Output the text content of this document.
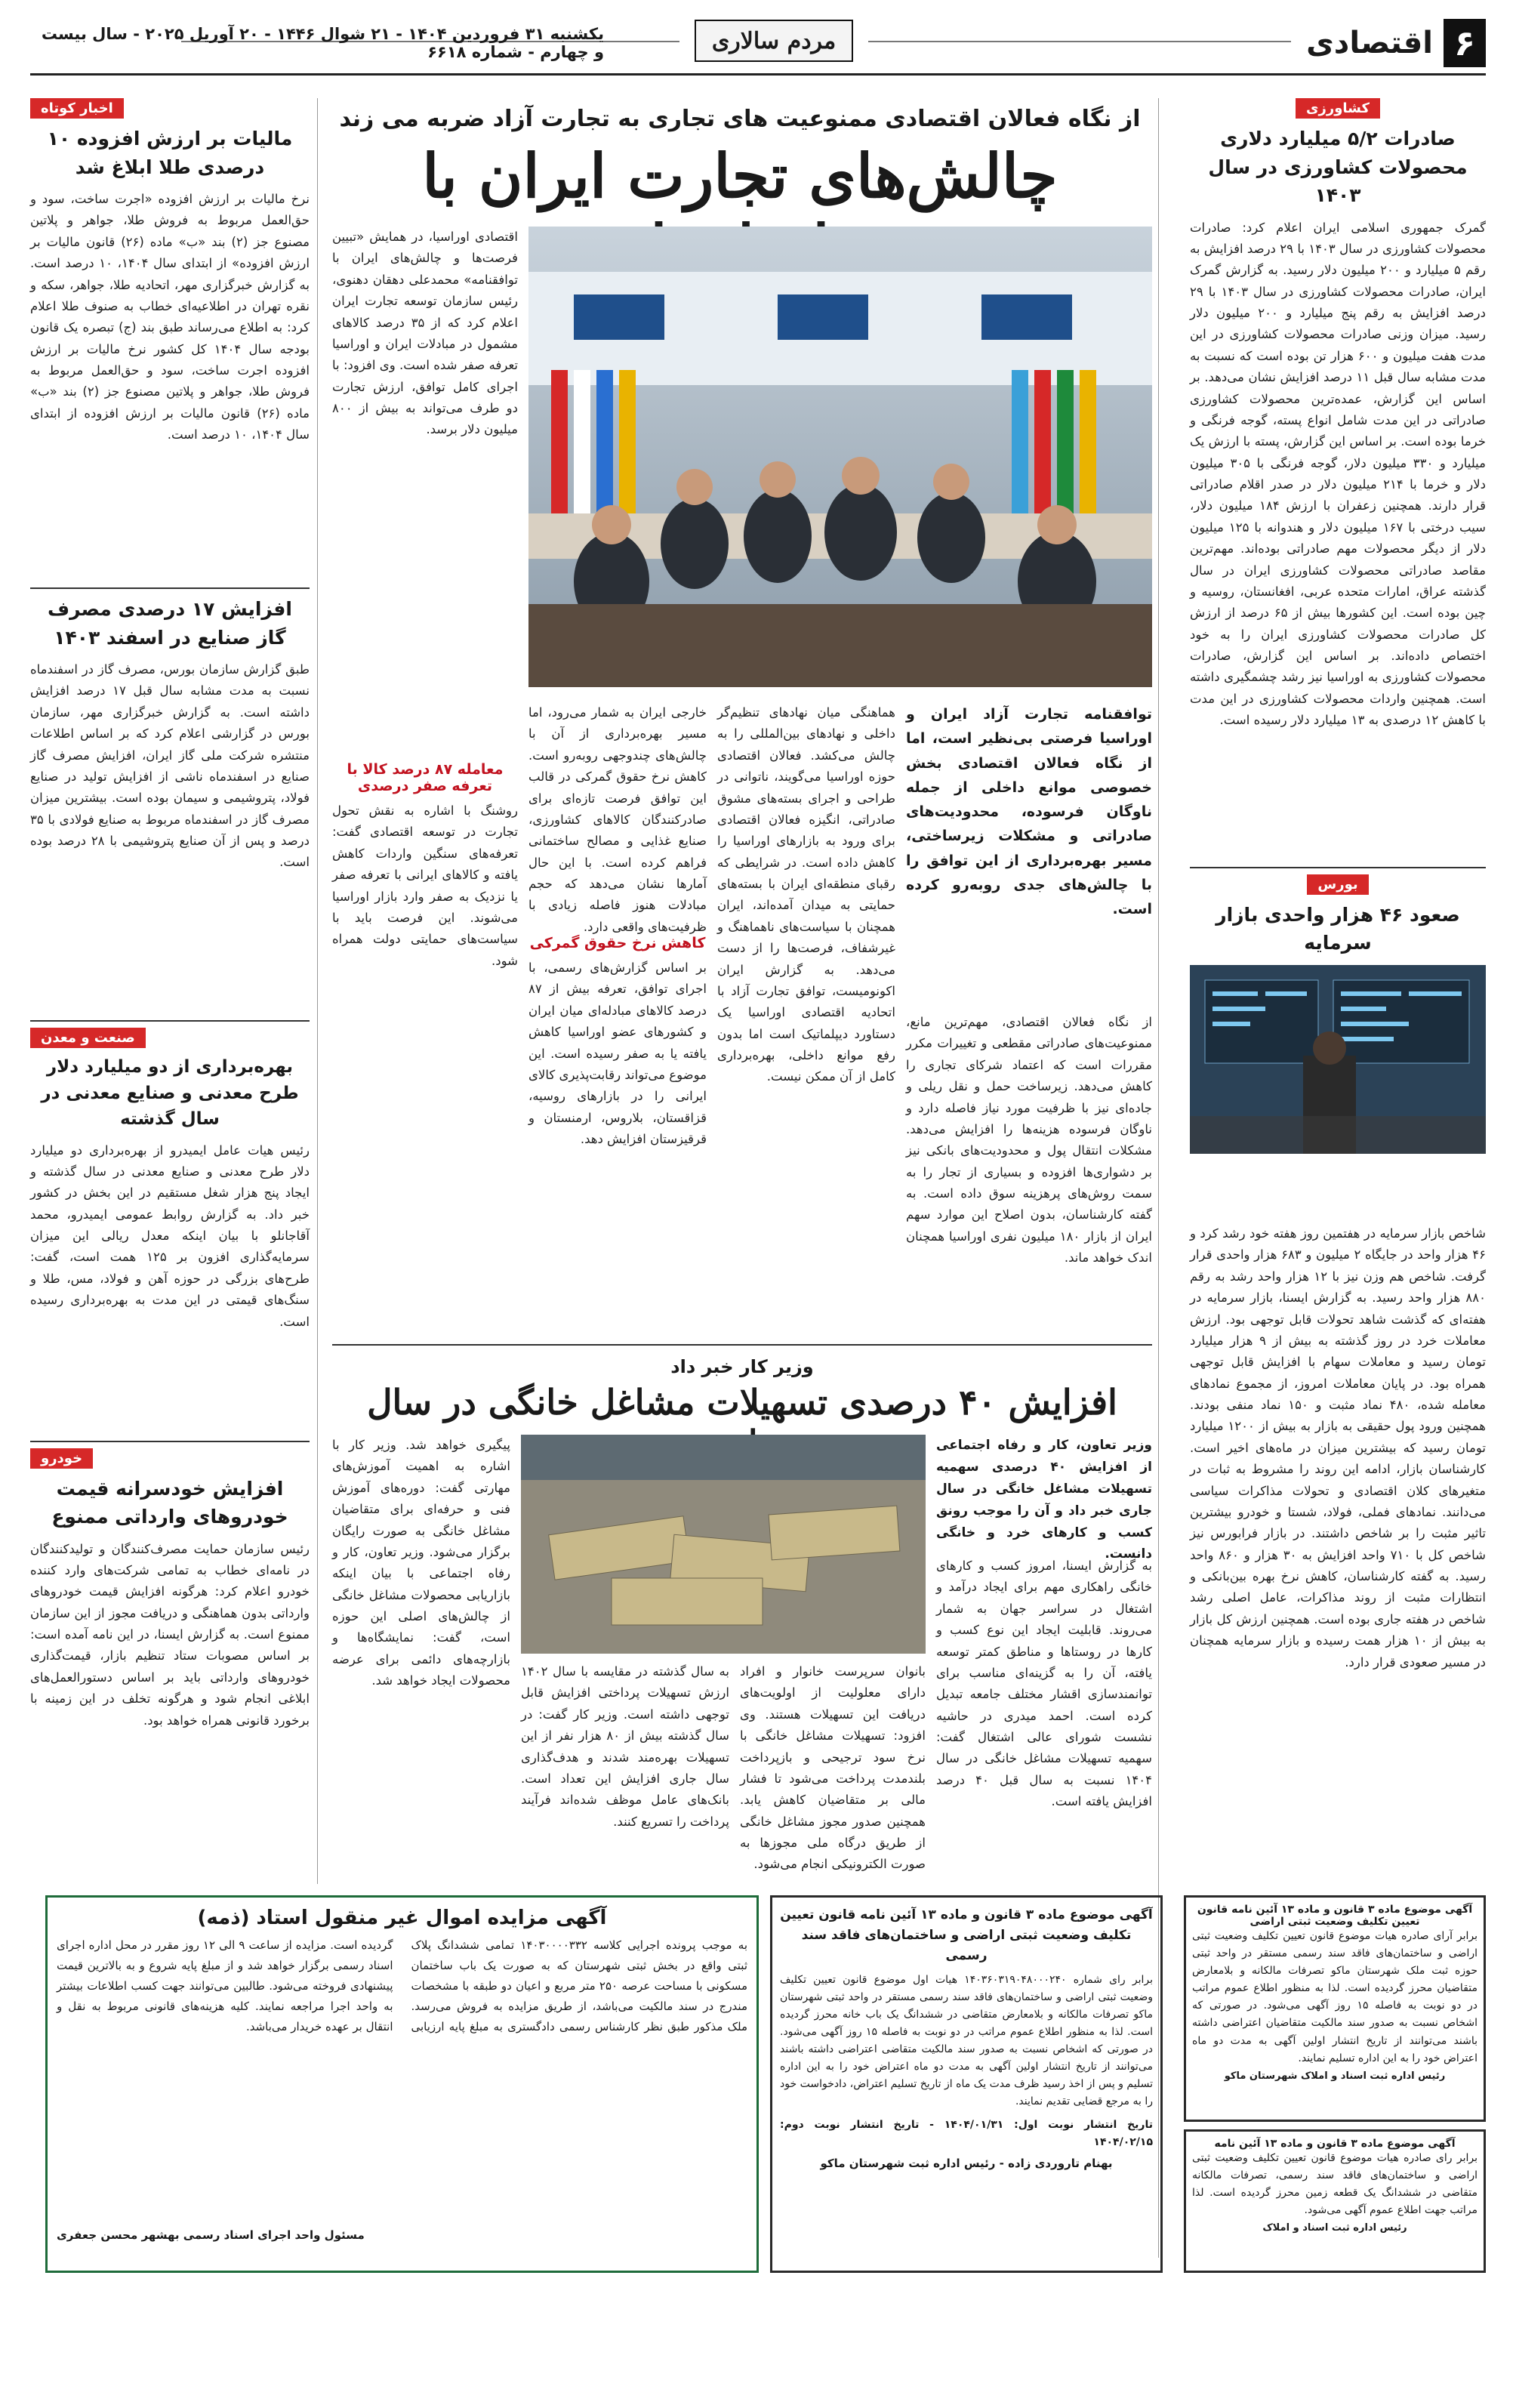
۶
اقتصادی
مردم سالاری
یکشنبه ۳۱ فروردین ۱۴۰۴ - ۲۱ شوال ۱۴۴۶ - ۲۰ آوریل ۲۰۲۵ - سال بیست و چهارم - شماره ۶۶۱۸
کشاورزی
صادرات ۵/۲ میلیارد دلاری محصولات کشاورزی در سال ۱۴۰۳
گمرک جمهوری اسلامی ایران اعلام کرد: صادرات محصولات کشاورزی در سال ۱۴۰۳ با ۲۹ درصد افزایش به رقم ۵ میلیارد و ۲۰۰ میلیون دلار رسید. به گزارش گمرک ایران، صادرات محصولات کشاورزی در سال ۱۴۰۳ با ۲۹ درصد افزایش به رقم پنج میلیارد و ۲۰۰ میلیون دلار رسید. میزان وزنی صادرات محصولات کشاورزی در این مدت هفت میلیون و ۶۰۰ هزار تن بوده است که نسبت به مدت مشابه سال قبل ۱۱ درصد افزایش نشان می‌دهد. بر اساس این گزارش، عمده‌ترین محصولات کشاورزی صادراتی در این مدت شامل انواع پسته، گوجه فرنگی و خرما بوده است. بر اساس این گزارش، پسته با ارزش یک میلیارد و ۳۳۰ میلیون دلار، گوجه فرنگی با ۳۰۵ میلیون دلار و خرما با ۲۱۴ میلیون دلار در صدر اقلام صادراتی قرار دارند. همچنین زعفران با ارزش ۱۸۴ میلیون دلار، سیب درختی با ۱۶۷ میلیون دلار و هندوانه با ۱۲۵ میلیون دلار از دیگر محصولات مهم صادراتی بوده‌اند. مهم‌ترین مقاصد صادراتی محصولات کشاورزی ایران در سال گذشته عراق، امارات متحده عربی، افغانستان، روسیه و چین بوده است. این کشورها بیش از ۶۵ درصد از ارزش کل صادرات محصولات کشاورزی ایران را به خود اختصاص داده‌اند. بر اساس این گزارش، صادرات محصولات کشاورزی به اوراسیا نیز رشد چشمگیری داشته است. همچنین واردات محصولات کشاورزی در این مدت با کاهش ۱۲ درصدی به ۱۳ میلیارد دلار رسیده است.
بورس
صعود ۴۶ هزار واحدی بازار سرمایه
شاخص بازار سرمایه در هفتمین روز هفته خود رشد کرد و ۴۶ هزار واحد در جایگاه ۲ میلیون و ۶۸۳ هزار واحدی قرار گرفت. شاخص هم وزن نیز با ۱۲ هزار واحد رشد به رقم ۸۸۰ هزار واحد رسید. به گزارش ایسنا، بازار سرمایه در هفته‌ای که گذشت شاهد تحولات قابل توجهی بود. ارزش معاملات خرد در روز گذشته به بیش از ۹ هزار میلیارد تومان رسید و معاملات سهام با افزایش قابل توجهی همراه بود. در پایان معاملات امروز، از مجموع نمادهای معامله شده، ۴۸۰ نماد مثبت و ۱۵۰ نماد منفی بودند. همچنین ورود پول حقیقی به بازار به بیش از ۱۲۰۰ میلیارد تومان رسید که بیشترین میزان در ماه‌های اخیر است. کارشناسان بازار، ادامه این روند را مشروط به ثبات در متغیرهای کلان اقتصادی و تحولات مذاکرات سیاسی می‌دانند. نمادهای فملی، فولاد، شستا و خودرو بیشترین تاثیر مثبت را بر شاخص داشتند. در بازار فرابورس نیز شاخص کل با ۷۱۰ واحد افزایش به ۳۰ هزار و ۸۶۰ واحد رسید. به گفته کارشناسان، کاهش نرخ بهره بین‌بانکی و انتظارات مثبت از روند مذاکرات، عامل اصلی رشد شاخص در هفته جاری بوده است. همچنین ارزش کل بازار به بیش از ۱۰ هزار همت رسیده و بازار سرمایه همچنان در مسیر صعودی قرار دارد.
اخبار کوتاه
مالیات بر ارزش افزوده ۱۰ درصدی طلا ابلاغ شد
نرخ مالیات بر ارزش افزوده «اجرت ساخت، سود و حق‌العمل مربوط به فروش طلا، جواهر و پلاتین مصنوع جز (۲) بند «ب» ماده (۲۶) قانون مالیات بر ارزش افزوده» از ابتدای سال ۱۴۰۴، ۱۰ درصد است. به گزارش خبرگزاری مهر، اتحادیه طلا، جواهر، سکه و نقره تهران در اطلاعیه‌ای خطاب به صنوف طلا اعلام کرد: به اطلاع می‌رساند طبق بند (ج) تبصره یک قانون بودجه سال ۱۴۰۴ کل کشور نرخ مالیات بر ارزش افزوده اجرت ساخت، سود و حق‌العمل مربوط به فروش طلا، جواهر و پلاتین مصنوع جز (۲) بند «ب» ماده (۲۶) قانون مالیات بر ارزش افزوده از ابتدای سال ۱۴۰۴، ۱۰ درصد است.
افزایش ۱۷ درصدی مصرف گاز صنایع در اسفند ۱۴۰۳
طبق گزارش سازمان بورس، مصرف گاز در اسفندماه نسبت به مدت مشابه سال قبل ۱۷ درصد افزایش داشته است. به گزارش خبرگزاری مهر، سازمان بورس در گزارشی اعلام کرد که بر اساس اطلاعات منتشره شرکت ملی گاز ایران، افزایش مصرف گاز صنایع در اسفندماه ناشی از افزایش تولید در صنایع فولاد، پتروشیمی و سیمان بوده است. بیشترین میزان مصرف گاز در اسفندماه مربوط به صنایع فولادی با ۳۵ درصد و پس از آن صنایع پتروشیمی با ۲۸ درصد بوده است.
صنعت و معدن
بهره‌برداری از دو میلیارد دلار طرح معدنی و صنایع معدنی در سال گذشته
رئیس هیات عامل ایمیدرو از بهره‌برداری دو میلیارد دلار طرح معدنی و صنایع معدنی در سال گذشته و ایجاد پنج هزار شغل مستقیم در این بخش در کشور خبر داد. به گزارش روابط عمومی ایمیدرو، محمد آقاجانلو با بیان اینکه معدل ریالی این میزان سرمایه‌گذاری افزون بر ۱۲۵ همت است، گفت: طرح‌های بزرگی در حوزه آهن و فولاد، مس، طلا و سنگ‌های قیمتی در این مدت به بهره‌برداری رسیده است.
خودرو
افزایش خودسرانه قیمت خودروهای وارداتی ممنوع
رئیس سازمان حمایت مصرف‌کنندگان و تولیدکنندگان در نامه‌ای خطاب به تمامی شرکت‌های وارد کننده خودرو اعلام کرد: هرگونه افزایش قیمت خودروهای وارداتی بدون هماهنگی و دریافت مجوز از این سازمان ممنوع است. به گزارش ایسنا، در این نامه آمده است: بر اساس مصوبات ستاد تنظیم بازار، قیمت‌گذاری خودروهای وارداتی باید بر اساس دستورالعمل‌های ابلاغی انجام شود و هرگونه تخلف در این زمینه با برخورد قانونی همراه خواهد بود.
از نگاه فعالان اقتصادی ممنوعیت های تجاری به تجارت آزاد ضربه می زند
چالش‌های تجارت ایران با
توافقنامه تجارت آزاد ایران و اوراسیا فرصتی بی‌نظیر است، اما از نگاه فعالان اقتصادی بخش خصوصی موانع داخلی از جمله ناوگان فرسوده، محدودیت‌های صادراتی و مشکلات زیرساختی، مسیر بهره‌برداری از این توافق را با چالش‌های جدی روبه‌رو کرده است.
از نگاه فعالان اقتصادی، مهم‌ترین مانع، ممنوعیت‌های صادراتی مقطعی و تغییرات مکرر مقررات است که اعتماد شرکای تجاری را کاهش می‌دهد. زیرساخت حمل و نقل ریلی و جاده‌ای نیز با ظرفیت مورد نیاز فاصله دارد و ناوگان فرسوده هزینه‌ها را افزایش می‌دهد. مشکلات انتقال پول و محدودیت‌های بانکی نیز بر دشواری‌ها افزوده و بسیاری از تجار را به سمت روش‌های پرهزینه سوق داده است. به گفته کارشناسان، بدون اصلاح این موارد سهم ایران از بازار ۱۸۰ میلیون نفری اوراسیا همچنان اندک خواهد ماند.
هماهنگی میان نهادهای تنظیم‌گر داخلی و نهادهای بین‌المللی را به چالش می‌کشد. فعالان اقتصادی حوزه اوراسیا می‌گویند، ناتوانی در طراحی و اجرای بسته‌های مشوق صادراتی، انگیزه فعالان اقتصادی برای ورود به بازارهای اوراسیا را کاهش داده است. در شرایطی که رقبای منطقه‌ای ایران با بسته‌های حمایتی به میدان آمده‌اند، ایران همچنان با سیاست‌های ناهماهنگ و غیرشفاف، فرصت‌ها را از دست می‌دهد. به گزارش ایران اکونومیست، توافق تجارت آزاد با اتحادیه اقتصادی اوراسیا یک دستاورد دیپلماتیک است اما بدون رفع موانع داخلی، بهره‌برداری کامل از آن ممکن نیست.
خارجی ایران به شمار می‌رود، اما مسیر بهره‌برداری از آن با چالش‌های چندوجهی روبه‌رو است. کاهش نرخ حقوق گمرکی در قالب این توافق فرصت تازه‌ای برای صادرکنندگان کالاهای کشاورزی، صنایع غذایی و مصالح ساختمانی فراهم کرده است. با این حال آمارها نشان می‌دهد که حجم مبادلات هنوز فاصله زیادی با ظرفیت‌های واقعی دارد.
کاهش نرخ حقوق گمرکی
بر اساس گزارش‌های رسمی، با اجرای توافق، تعرفه بیش از ۸۷ درصد کالاهای مبادله‌ای میان ایران و کشورهای عضو اوراسیا کاهش یافته یا به صفر رسیده است. این موضوع می‌تواند رقابت‌پذیری کالای ایرانی را در بازارهای روسیه، قزاقستان، بلاروس، ارمنستان و قرقیزستان افزایش دهد.
اقتصادی اوراسیا، در همایش «تبیین فرصت‌ها و چالش‌های ایران با توافقنامه» محمدعلی دهقان دهنوی، رئیس سازمان توسعه تجارت ایران اعلام کرد که از ۳۵ درصد کالاهای مشمول در مبادلات ایران و اوراسیا تعرفه صفر شده است. وی افزود: با اجرای کامل توافق، ارزش تجارت دو طرف می‌تواند به بیش از ۸۰۰ میلیون دلار برسد.
معامله ۸۷ درصد کالا با تعرفه صفر درصدی
روشنگ با اشاره به نقش تحول تجارت در توسعه اقتصادی گفت: تعرفه‌های سنگین واردات کاهش یافته و کالاهای ایرانی با تعرفه صفر یا نزدیک به صفر وارد بازار اوراسیا می‌شوند. این فرصت باید با سیاست‌های حمایتی دولت همراه شود.
وزیر کار خبر داد
افزایش ۴۰ درصدی تسهیلات مشاغل خانگی در سال
وزیر تعاون، کار و رفاه اجتماعی از افزایش ۴۰ درصدی سهمیه تسهیلات مشاغل خانگی در سال جاری خبر داد و آن را موجب رونق کسب و کارهای خرد و خانگی دانست.
به گزارش ایسنا، امروز کسب و کارهای خانگی راهکاری مهم برای ایجاد درآمد و اشتغال در سراسر جهان به شمار می‌روند. قابلیت ایجاد این نوع کسب و کارها در روستاها و مناطق کمتر توسعه یافته، آن را به گزینه‌ای مناسب برای توانمندسازی اقشار مختلف جامعه تبدیل کرده است. احمد میدری در حاشیه نشست شورای عالی اشتغال گفت: سهمیه تسهیلات مشاغل خانگی در سال ۱۴۰۴ نسبت به سال قبل ۴۰ درصد افزایش یافته است.
بانوان سرپرست خانوار و افراد دارای معلولیت از اولویت‌های دریافت این تسهیلات هستند. وی افزود: تسهیلات مشاغل خانگی با نرخ سود ترجیحی و بازپرداخت بلندمدت پرداخت می‌شود تا فشار مالی بر متقاضیان کاهش یابد. همچنین صدور مجوز مشاغل خانگی از طریق درگاه ملی مجوزها به صورت الکترونیکی انجام می‌شود.
به سال گذشته در مقایسه با سال ۱۴۰۲ ارزش تسهیلات پرداختی افزایش قابل توجهی داشته است. وزیر کار گفت: در سال گذشته بیش از ۸۰ هزار نفر از این تسهیلات بهره‌مند شدند و هدف‌گذاری سال جاری افزایش این تعداد است. بانک‌های عامل موظف شده‌اند فرآیند پرداخت را تسریع کنند.
پیگیری خواهد شد. وزیر کار با اشاره به اهمیت آموزش‌های مهارتی گفت: دوره‌های آموزش فنی و حرفه‌ای برای متقاضیان مشاغل خانگی به صورت رایگان برگزار می‌شود. وزیر تعاون، کار و رفاه اجتماعی با بیان اینکه بازاریابی محصولات مشاغل خانگی از چالش‌های اصلی این حوزه است، گفت: نمایشگاه‌ها و بازارچه‌های دائمی برای عرضه محصولات ایجاد خواهد شد.
آگهی موضوع ماده ۳ قانون و ماده ۱۳ آئین نامه قانون تعیین تکلیف وضعیت ثبتی اراضی
برابر آرای صادره هیات موضوع قانون تعیین تکلیف وضعیت ثبتی اراضی و ساختمان‌های فاقد سند رسمی مستقر در واحد ثبتی حوزه ثبت ملک شهرستان ماکو تصرفات مالکانه و بلامعارض متقاضیان محرز گردیده است. لذا به منظور اطلاع عموم مراتب در دو نوبت به فاصله ۱۵ روز آگهی می‌شود. در صورتی که اشخاص نسبت به صدور سند مالکیت متقاضیان اعتراضی داشته باشند می‌توانند از تاریخ انتشار اولین آگهی به مدت دو ماه اعتراض خود را به این اداره تسلیم نمایند.
رئیس اداره ثبت اسناد و املاک شهرستان ماکو
آگهی موضوع ماده ۳ قانون و ماده ۱۳ آئین نامه
برابر رای صادره هیات موضوع قانون تعیین تکلیف وضعیت ثبتی اراضی و ساختمان‌های فاقد سند رسمی، تصرفات مالکانه متقاضی در ششدانگ یک قطعه زمین محرز گردیده است. لذا مراتب جهت اطلاع عموم آگهی می‌شود.
رئیس اداره ثبت اسناد و املاک
آگهی موضوع ماده ۳ قانون و ماده ۱۳ آئین نامه قانون تعیین تکلیف وضعیت ثبتی اراضی و ساختمان‌های فاقد سند رسمی
برابر رای شماره ۱۴۰۳۶۰۳۱۹۰۴۸۰۰۰۲۴۰ هیات اول موضوع قانون تعیین تکلیف وضعیت ثبتی اراضی و ساختمان‌های فاقد سند رسمی مستقر در واحد ثبتی شهرستان ماکو تصرفات مالکانه و بلامعارض متقاضی در ششدانگ یک باب خانه محرز گردیده است. لذا به منظور اطلاع عموم مراتب در دو نوبت به فاصله ۱۵ روز آگهی می‌شود. در صورتی که اشخاص نسبت به صدور سند مالکیت متقاضی اعتراضی داشته باشند می‌توانند از تاریخ انتشار اولین آگهی به مدت دو ماه اعتراض خود را به این اداره تسلیم و پس از اخذ رسید ظرف مدت یک ماه از تاریخ تسلیم اعتراض، دادخواست خود را به مرجع قضایی تقدیم نمایند.
تاریخ انتشار نوبت اول: ۱۴۰۴/۰۱/۳۱ - تاریخ انتشار نوبت دوم: ۱۴۰۴/۰۲/۱۵
بهنام تاروردی زاده - رئیس اداره ثبت شهرستان ماکو
آگهی مزایده اموال غیر منقول استاد (ذمه)
به موجب پرونده اجرایی کلاسه ۱۴۰۳۰۰۰۰۳۳۲ تمامی ششدانگ پلاک ثبتی واقع در بخش ثبتی شهرستان که به صورت یک باب ساختمان مسکونی با مساحت عرصه ۲۵۰ متر مربع و اعیان دو طبقه با مشخصات مندرج در سند مالکیت می‌باشد، از طریق مزایده به فروش می‌رسد. ملک مذکور طبق نظر کارشناس رسمی دادگستری به مبلغ پایه ارزیابی گردیده است. مزایده از ساعت ۹ الی ۱۲ روز مقرر در محل اداره اجرای اسناد رسمی برگزار خواهد شد و از مبلغ پایه شروع و به بالاترین قیمت پیشنهادی فروخته می‌شود. طالبین می‌توانند جهت کسب اطلاعات بیشتر به واحد اجرا مراجعه نمایند. کلیه هزینه‌های قانونی مربوط به نقل و انتقال بر عهده خریدار می‌باشد.
مسئول واحد اجرای اسناد رسمی بهشهر محسن جعفری
